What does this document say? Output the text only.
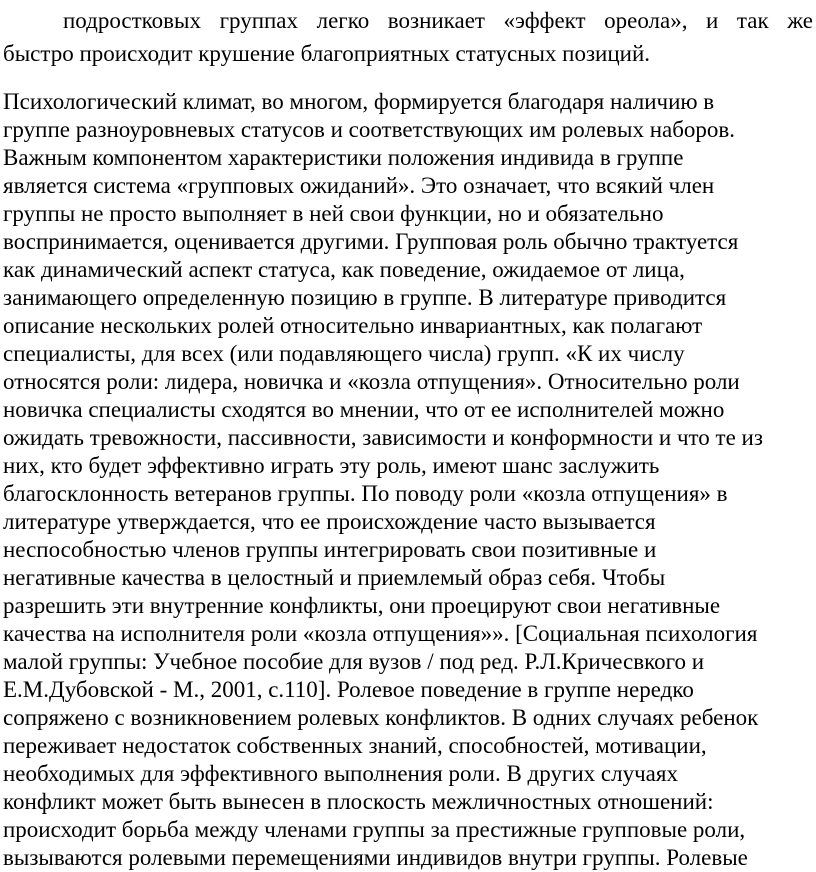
подростковых группах легко возникает «эффект ореола», и так же
быстро происходит крушение благоприятных статусных позиций.
Психологический климат, во многом, формируется благодаря наличию в
группе разноуровневых статусов и соответствующих им ролевых наборов.
Важным компонентом характеристики положения индивида в группе
является система «групповых ожиданий». Это означает, что всякий член
группы не просто выполняет в ней свои функции, но и обязательно
воспринимается, оценивается другими. Групповая роль обычно трактуется
как динамический аспект статуса, как поведение, ожидаемое от лица,
занимающего определенную позицию в группе. В литературе приводится
описание нескольких ролей относительно инвариантных, как полагают
специалисты, для всех (или подавляющего числа) групп. «К их числу
относятся роли: лидера, новичка и «козла отпущения». Относительно роли
новичка специалисты сходятся во мнении, что от ее исполнителей можно
ожидать тревожности, пассивности, зависимости и конформности и что те из
них, кто будет эффективно играть эту роль, имеют шанс заслужить
благосклонность ветеранов группы. По поводу роли «козла отпущения» в
литературе утверждается, что ее происхождение часто вызывается
неспособностью членов группы интегрировать свои позитивные и
негативные качества в целостный и приемлемый образ себя. Чтобы
разрешить эти внутренние конфликты, они проецируют свои негативные
качества на исполнителя роли «козла отпущения»». [Социальная психология
малой группы: Учебное пособие для вузов / под ред. Р.Л.Кричесвкого и
Е.М.Дубовской - М., 2001, с.110]. Ролевое поведение в группе нередко
сопряжено с возникновением ролевых конфликтов. В одних случаях ребенок
переживает недостаток собственных знаний, способностей, мотивации,
необходимых для эффективного выполнения роли. В других случаях
конфликт может быть вынесен в плоскость межличностных отношений:
происходит борьба между членами группы за престижные групповые роли,
вызываются ролевыми перемещениями индивидов внутри группы. Ролевые
